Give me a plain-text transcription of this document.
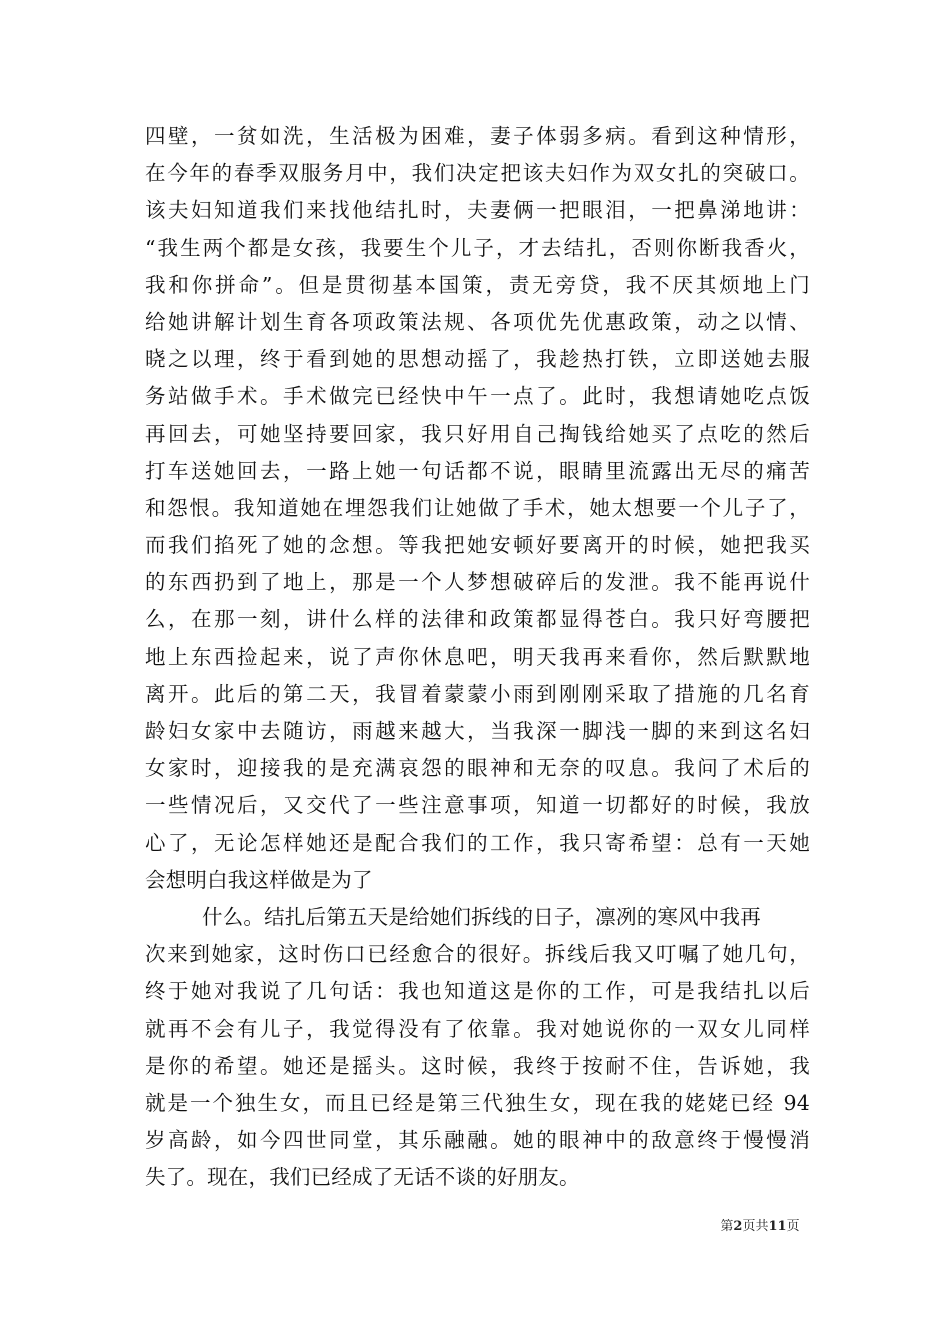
四壁，一贫如洗，生活极为困难，妻子体弱多病。看到这种情形，
在今年的春季双服务月中，我们决定把该夫妇作为双女扎的突破口。
该夫妇知道我们来找他结扎时，夫妻俩一把眼泪，一把鼻涕地讲：
“我生两个都是女孩，我要生个儿子，才去结扎，否则你断我香火，
我和你拼命”。但是贯彻基本国策，责无旁贷，我不厌其烦地上门
给她讲解计划生育各项政策法规、各项优先优惠政策，动之以情、
晓之以理，终于看到她的思想动摇了，我趁热打铁，立即送她去服
务站做手术。手术做完已经快中午一点了。此时，我想请她吃点饭
再回去，可她坚持要回家，我只好用自己掏钱给她买了点吃的然后
打车送她回去，一路上她一句话都不说，眼睛里流露出无尽的痛苦
和怨恨。我知道她在埋怨我们让她做了手术，她太想要一个儿子了，
而我们掐死了她的念想。等我把她安顿好要离开的时候，她把我买
的东西扔到了地上，那是一个人梦想破碎后的发泄。我不能再说什
么，在那一刻，讲什么样的法律和政策都显得苍白。我只好弯腰把
地上东西捡起来，说了声你休息吧，明天我再来看你，然后默默地
离开。此后的第二天，我冒着蒙蒙小雨到刚刚采取了措施的几名育
龄妇女家中去随访，雨越来越大，当我深一脚浅一脚的来到这名妇
女家时，迎接我的是充满哀怨的眼神和无奈的叹息。我问了术后的
一些情况后，又交代了一些注意事项，知道一切都好的时候，我放
心了，无论怎样她还是配合我们的工作，我只寄希望：总有一天她
会想明白我这样做是为了
什么。结扎后第五天是给她们拆线的日子，凛冽的寒风中我再
次来到她家，这时伤口已经愈合的很好。拆线后我又叮嘱了她几句，
终于她对我说了几句话：我也知道这是你的工作，可是我结扎以后
就再不会有儿子，我觉得没有了依靠。我对她说你的一双女儿同样
是你的希望。她还是摇头。这时候，我终于按耐不住，告诉她，我
就是一个独生女，而且已经是第三代独生女，现在我的姥姥已经 94
岁高龄，如今四世同堂，其乐融融。她的眼神中的敌意终于慢慢消
失了。现在，我们已经成了无话不谈的好朋友。
第2页共11页
